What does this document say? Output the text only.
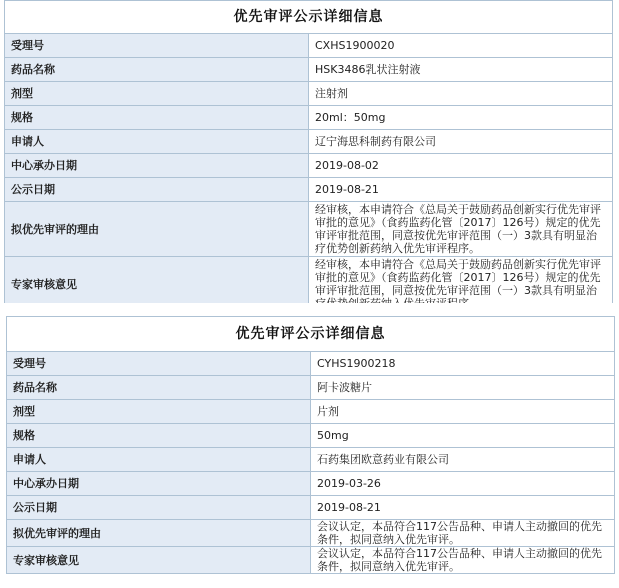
优先审评公示详细信息	
受理号	CXHS1900020
药品名称	HSK3486乳状注射液
剂型	注射剂
规格	20ml：50mg
申请人	辽宁海思科制药有限公司
中心承办日期	2019-08-02
公示日期	2019-08-21
拟优先审评的理由	经审核，本申请符合《总局关于鼓励药品创新实行优先审评审批的意见》（食药监药化管〔2017〕126号）规定的优先审评审批范围，同意按优先审评范围（一）3款具有明显治疗优势创新药纳入优先审评程序。
专家审核意见	经审核，本申请符合《总局关于鼓励药品创新实行优先审评审批的意见》（食药监药化管〔2017〕126号）规定的优先审评审批范围，同意按优先审评范围（一）3款具有明显治
优先审评公示详细信息	
受理号	CYHS1900218
药品名称	阿卡波糖片
剂型	片剂
规格	50mg
申请人	石药集团欧意药业有限公司
中心承办日期	2019-03-26
公示日期	2019-08-21
拟优先审评的理由	会议认定，本品符合117公告品种、申请人主动撤回的优先条件，拟同意纳入优先审评。
专家审核意见	会议认定，本品符合117公告品种、申请人主动撤回的优先条件，拟同意纳入优先审评。
